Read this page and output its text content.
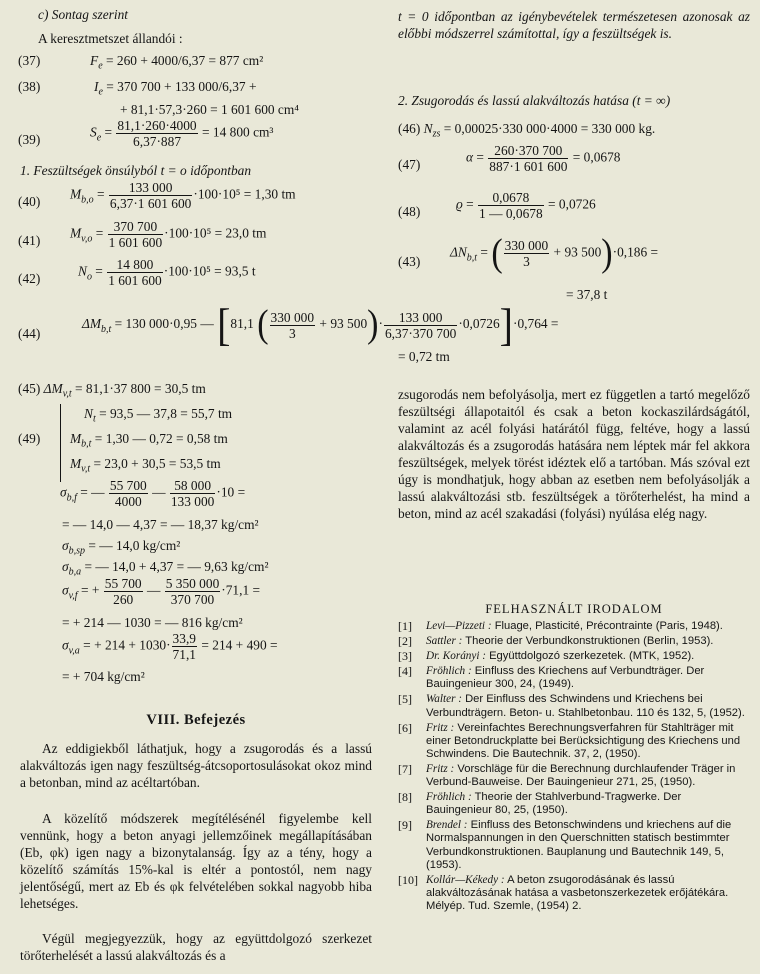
c) Sontag szerint
A keresztmetszet állandói :
(37)	$F_e = 260 + 4000/6,37 = 877$ cm²
(38)	$I_e = 370$ 700 + 133 000/6,37 +
+ 81,1·57,3·260 = 1 601 600 cm⁴
(39)	$S_e = \frac{81,1\cdot 260\cdot 4000}{6,37\cdot 887} = 14$ 800 cm³
1. Feszültségek önsúlyból t = o időpontban
(40) $M_{b,o} = \frac{133 000}{6,37\cdot 1 601 600} \cdot 100\cdot 10^5 = 1,30$ tm
(41) $M_{v,o} = \frac{370 700}{1 601 600} \cdot 100\cdot 10^5 = 23,0$ tm
(42)	$N_o = \frac{14 800}{1 601 600} \cdot 100\cdot 10^5 = 93,5$ t

t = 0 időpontban az igénybevételek természetesen azonosak az előbbi módszerrel számítottal, így a feszültségek is.

2. Zsugorodás és lassú alakváltozás hatása (t = ∞)
(46) $N_{zs} = 0,00025\cdot 330$ 000·4000 = 330 000 kg.
(47)	$\alpha = \frac{260\cdot 370 700}{887\cdot 1 601 600} = 0,0678$
(48)	$ϱ = \frac{0,0678}{1 — 0,0678} = 0,0726$
(43)
$\Delta N_{b,t}$ = ( $\frac{330 000}{3} + 93$ 500)·0,186 =
= 37,8 t
(44)
$\Delta M_{b,t} = 130$ 000·0,95 — [81,1 ( $\frac{330 000}{3} + 93$ $500)\cdot \frac{133 000}{6,37\cdot 370 700} \cdot 0,0726]\cdot 0,764$ =
= 0,72 tm
(45) $\Delta M_{v,t} = 81,1\cdot 37$ 800 = 30,5 tm
(49)
$N_t = 93,5$ — 37,8 = 55,7 tm
$M_{b,t} = 1,30$ — 0,72 = 0,58 tm
$M_{v,t} = 23,0 + 30,5 = 53,5$ tm
$\sigma_{b,f}$ = — $\frac{55 700}{4000}$ — $\frac{58 000}{133 000} \cdot 10$ =
= — 14,0 — 4,37 = — 18,37 kg/cm²
$\sigma_{b,sp}$ = — 14,0 kg/cm²
$\sigma_{b,a}$ = — 14,0 + 4,37 = — 9,63 kg/cm²
$\sigma_{v,f}$ = + $\frac{55 700}{260}$ — $\frac{5 350 000}{370 700} \cdot 71,1$ =
= + 214 — 1030 = — 816 kg/cm²
$\sigma_{v,a}$ = + $214 + 1030\cdot \frac{33,9}{71,1} = 214 + 490$ =
= + 704 kg/cm²
VIII. Befejezés

Az eddigiekből láthatjuk, hogy a zsugorodás és a lassú alakváltozás igen nagy feszültség-átcsoportosulásokat okoz mind a betonban, mind az acéltartóban.

A közelítő módszerek megítélésénél figyelembe kell vennünk, hogy a beton anyagi jellemzőinek megállapításában (Eb, φk) igen nagy a bizonytalanság. Így az a tény, hogy a közelítő számítás 15%-kal is eltér a pontostól, nem nagy jelentőségű, mert az Eb és φk felvételében sokkal nagyobb hiba lehetséges.

Végül megjegyezzük, hogy az együttdolgozó szerkezet törőterhelését a lassú alakváltozás és a

zsugorodás nem befolyásolja, mert ez független a tartó megelőző feszültségi állapotaitól és csak a beton kockaszilárdságától, valamint az acél folyási határától függ, feltéve, hogy a lassú alakváltozás és a zsugorodás hatására nem léptek már fel akkora feszültségek, melyek törést idéztek elő a tartóban. Más szóval ezt úgy is mondhatjuk, hogy abban az esetben nem befolyásolják a lassú alakváltozási stb. feszültségek a törőterhelést, ha mind a beton, mind az acél szakadási (folyási) nyúlása elég nagy.

FELHASZNÁLT IRODALOM
[1] Levi—Pizzeti : Fluage, Plasticité, Précontrainte (Paris, 1948).
[2] Sattler : Theorie der Verbundkonstruktionen (Berlin, 1953).
[3] Dr. Korányi : Együttdolgozó szerkezetek. (MTK, 1952).
[4] Fröhlich : Einfluss des Kriechens auf Verbundträger. Der Bauingenieur 300, 24, (1949).
[5] Walter : Der Einfluss des Schwindens und Kriechens bei Verbundträgern. Beton- u. Stahlbetonbau. 110 és 132, 5, (1952).
[6] Fritz : Vereinfachtes Berechnungsverfahren für Stahlträger mit einer Betondruckplatte bei Berücksichtigung des Kriechens und Schwindens. Die Bautechnik. 37, 2, (1950).
[7] Fritz : Vorschläge für die Berechnung durchlaufender Träger in Verbund-Bauweise. Der Bauingenieur 271, 25, (1950).
[8] Fröhlich : Theorie der Stahlverbund-Tragwerke. Der Bauingenieur 80, 25, (1950).
[9] Brendel : Einfluss des Betonschwindens und kriechens auf die Normalspannungen in den Querschnitten statisch bestimmter Verbundkonstruktionen. Bauplanung und Bautechnik 149, 5, (1953).
[10] Kollár—Kékedy : A beton zsugorodásának és lassú alakváltozásának hatása a vasbetonszerkezetek erőjátékára. Mélyép. Tud. Szemle, (1954) 2.
